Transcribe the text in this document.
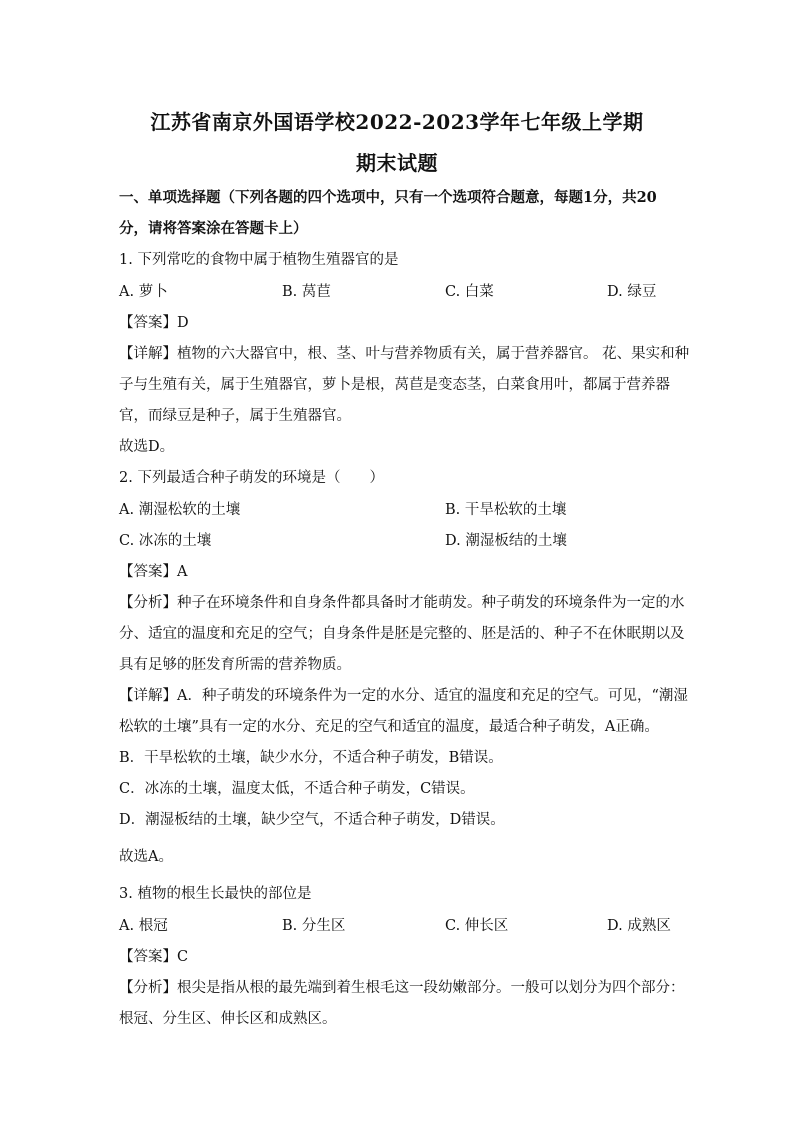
江苏省南京外国语学校2022-2023学年七年级上学期
期末试题
一、单项选择题（下列各题的四个选项中，只有一个选项符合题意，每题1分，共20
分，请将答案涂在答题卡上）
1. 下列常吃的食物中属于植物生殖器官的是
A. 萝卜	B. 莴苣	C. 白菜	D. 绿豆
【答案】D
【详解】植物的六大器官中，根、茎、叶与营养物质有关，属于营养器官。 花、果实和种
子与生殖有关，属于生殖器官，萝卜是根，莴苣是变态茎，白菜食用叶，都属于营养器
官，而绿豆是种子，属于生殖器官。
故选D。
2. 下列最适合种子萌发的环境是（　　）
A. 潮湿松软的土壤	B. 干旱松软的土壤
C. 冰冻的土壤	D. 潮湿板结的土壤
【答案】A
【分析】种子在环境条件和自身条件都具备时才能萌发。种子萌发的环境条件为一定的水
分、适宜的温度和充足的空气；自身条件是胚是完整的、胚是活的、种子不在休眠期以及
具有足够的胚发育所需的营养物质。
【详解】A．种子萌发的环境条件为一定的水分、适宜的温度和充足的空气。可见，“潮湿
松软的土壤”具有一定的水分、充足的空气和适宜的温度，最适合种子萌发，A正确。
B．干旱松软的土壤，缺少水分，不适合种子萌发，B错误。
C．冰冻的土壤，温度太低，不适合种子萌发，C错误。
D．潮湿板结的土壤，缺少空气，不适合种子萌发，D错误。
故选A。
3. 植物的根生长最快的部位是
A. 根冠	B. 分生区	C. 伸长区	D. 成熟区
【答案】C
【分析】根尖是指从根的最先端到着生根毛这一段幼嫩部分。一般可以划分为四个部分：
根冠、分生区、伸长区和成熟区。
